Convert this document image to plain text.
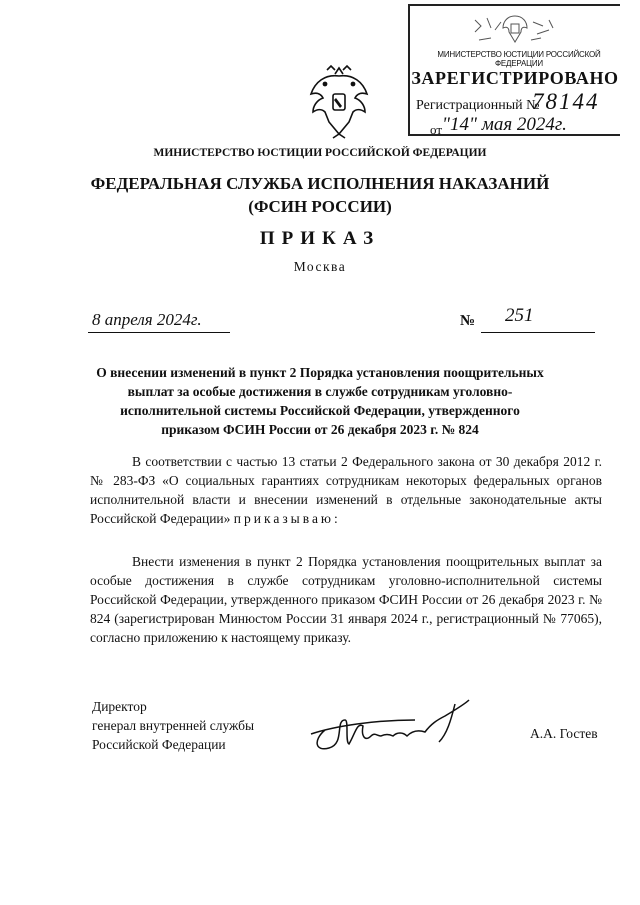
МИНИСТЕРСТВО ЮСТИЦИИ РОССИЙСКОЙ ФЕДЕРАЦИИ
ЗАРЕГИСТРИРОВАНО
Регистрационный №
78144
от "14" мая 2024г.
МИНИСТЕРСТВО ЮСТИЦИИ РОССИЙСКОЙ ФЕДЕРАЦИИ
ФЕДЕРАЛЬНАЯ СЛУЖБА ИСПОЛНЕНИЯ НАКАЗАНИЙ
(ФСИН РОССИИ)
ПРИКАЗ
Москва
8 апреля 2024г.	№ 251
О внесении изменений в пункт 2 Порядка установления поощрительных
выплат за особые достижения в службе сотрудникам уголовно-
исполнительной системы Российской Федерации, утвержденного
приказом ФСИН России от 26 декабря 2023 г. № 824
В соответствии с частью 13 статьи 2 Федерального закона от 30 декабря 2012 г. № 283-ФЗ «О социальных гарантиях сотрудникам некоторых федеральных органов исполнительной власти и внесении изменений в отдельные законодательные акты Российской Федерации» приказываю:
Внести изменения в пункт 2 Порядка установления поощрительных выплат за особые достижения в службе сотрудникам уголовно-исполнительной системы Российской Федерации, утвержденного приказом ФСИН России от 26 декабря 2023 г. № 824 (зарегистрирован Минюстом России 31 января 2024 г., регистрационный № 77065), согласно приложению к настоящему приказу.
Директор
генерал внутренней службы
Российской Федерации
А.А. Гостев
